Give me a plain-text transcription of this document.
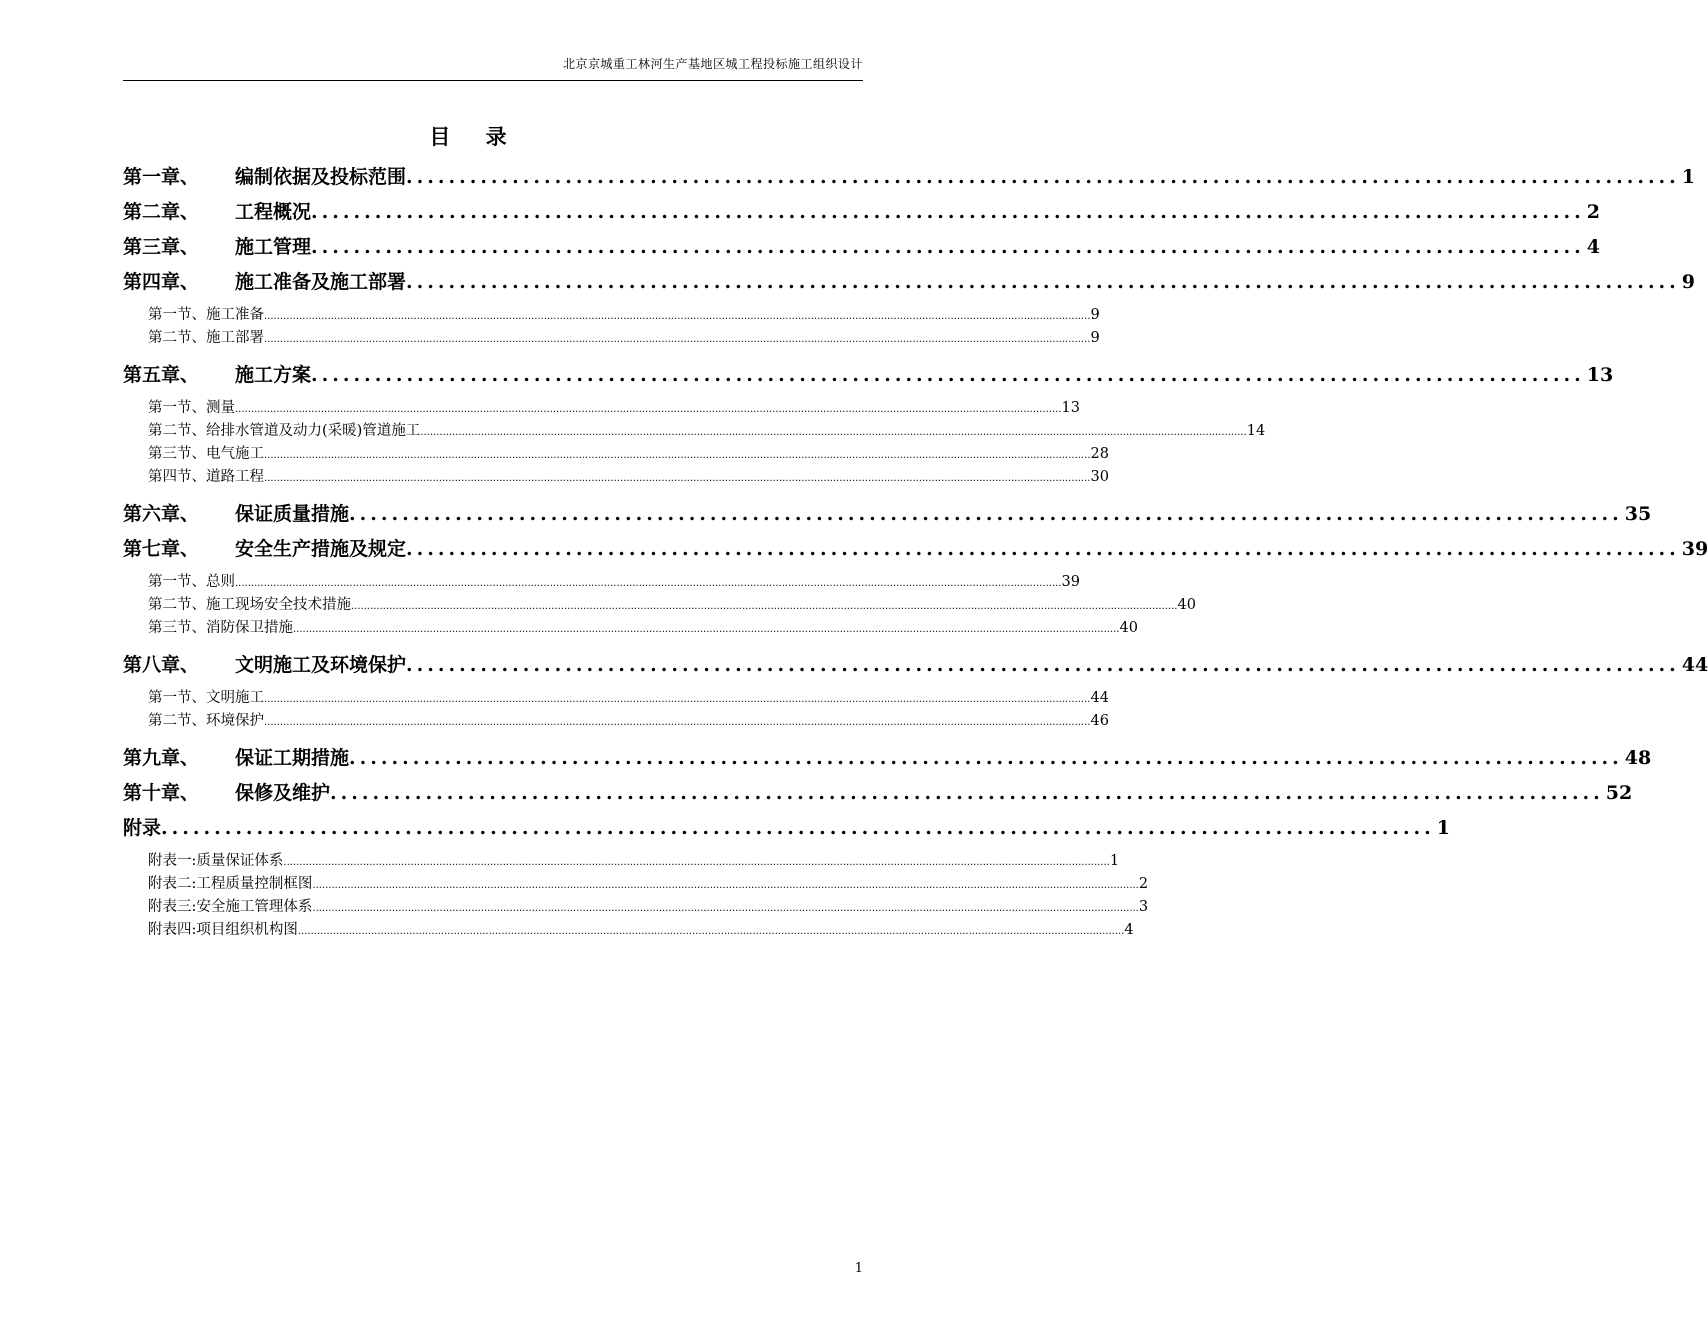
北京京城重工林河生产基地区城工程投标施工组织设计
目 录
第一章、	编制依据及投标范围 ........................................................................................................................ 1
第二章、	工程概况 ........................................................................................................................ 2
第三章、	施工管理 ........................................................................................................................ 4
第四章、	施工准备及施工部署 ........................................................................................................................ 9
第一节、施工准备 .................................................................................................................................................................................................................................................................... 9
第二节、施工部署 .................................................................................................................................................................................................................................................................... 9
第五章、	施工方案 ........................................................................................................................ 13
第一节、测量 .................................................................................................................................................................................................................................................................... 13
第二节、给排水管道及动力(采暖)管道施工 .................................................................................................................................................................................................................................................................... 14
第三节、电气施工 .................................................................................................................................................................................................................................................................... 28
第四节、道路工程 .................................................................................................................................................................................................................................................................... 30
第六章、	保证质量措施 ........................................................................................................................ 35
第七章、	安全生产措施及规定 ........................................................................................................................ 39
第一节、总则 .................................................................................................................................................................................................................................................................... 39
第二节、施工现场安全技术措施 .................................................................................................................................................................................................................................................................... 40
第三节、消防保卫措施 .................................................................................................................................................................................................................................................................... 40
第八章、	文明施工及环境保护 ........................................................................................................................ 44
第一节、文明施工 .................................................................................................................................................................................................................................................................... 44
第二节、环境保护 .................................................................................................................................................................................................................................................................... 46
第九章、	保证工期措施 ........................................................................................................................ 48
第十章、	保修及维护 ........................................................................................................................ 52
附录 ........................................................................................................................ 1
附表一:质量保证体系 .................................................................................................................................................................................................................................................................... 1
附表二:工程质量控制框图 .................................................................................................................................................................................................................................................................... 2
附表三:安全施工管理体系 .................................................................................................................................................................................................................................................................... 3
附表四:项目组织机构图 .................................................................................................................................................................................................................................................................... 4
1
